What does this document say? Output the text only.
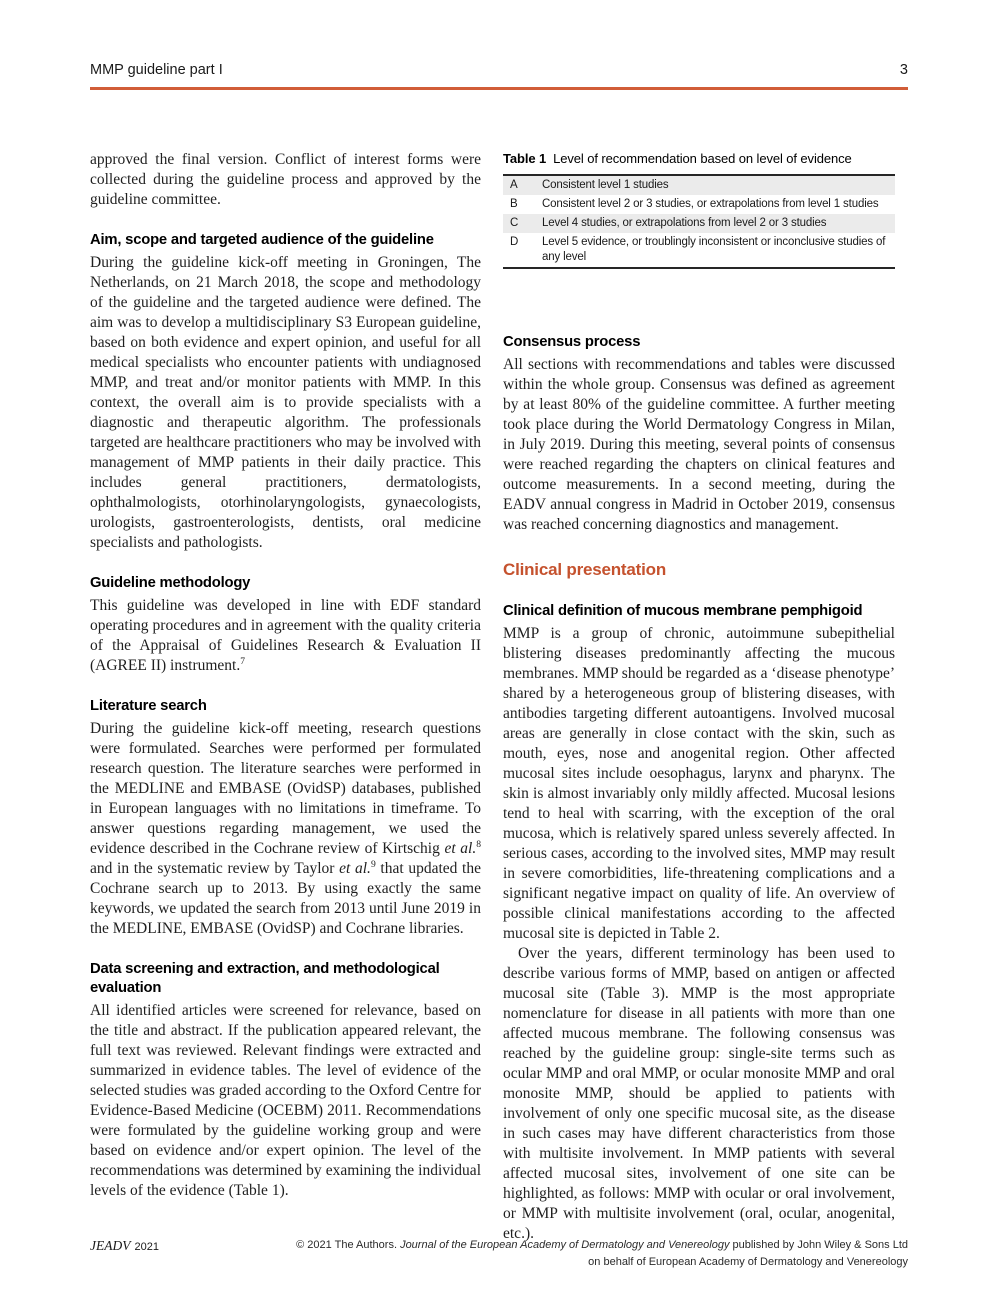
MMP guideline part I	3

approved the final version. Conflict of interest forms were collected during the guideline process and approved by the guideline committee.

Aim, scope and targeted audience of the guideline

During the guideline kick-off meeting in Groningen, The Netherlands, on 21 March 2018, the scope and methodology of the guideline and the targeted audience were defined. The aim was to develop a multidisciplinary S3 European guideline, based on both evidence and expert opinion, and useful for all medical specialists who encounter patients with undiagnosed MMP, and treat and/or monitor patients with MMP. In this context, the overall aim is to provide specialists with a diagnostic and therapeutic algorithm. The professionals targeted are healthcare practitioners who may be involved with management of MMP patients in their daily practice. This includes general practitioners, dermatologists, ophthalmologists, otorhinolaryngologists, gynaecologists, urologists, gastroenterologists, dentists, oral medicine specialists and pathologists.

Guideline methodology

This guideline was developed in line with EDF standard operating procedures and in agreement with the quality criteria of the Appraisal of Guidelines Research & Evaluation II (AGREE II) instrument.$^7$

Literature search

During the guideline kick-off meeting, research questions were formulated. Searches were performed per formulated research question. The literature searches were performed in the MEDLINE and EMBASE (OvidSP) databases, published in European languages with no limitations in timeframe. To answer questions regarding management, we used the evidence described in the Cochrane review of Kirtschig et al.$^8$ and in the systematic review by Taylor et al.$^9$ that updated the Cochrane search up to 2013. By using exactly the same keywords, we updated the search from 2013 until June 2019 in the MEDLINE, EMBASE (OvidSP) and Cochrane libraries.

Data screening and extraction, and methodological evaluation

All identified articles were screened for relevance, based on the title and abstract. If the publication appeared relevant, the full text was reviewed. Relevant findings were extracted and summarized in evidence tables. The level of evidence of the selected studies was graded according to the Oxford Centre for Evidence-Based Medicine (OCEBM) 2011. Recommendations were formulated by the guideline working group and were based on evidence and/or expert opinion. The level of the recommendations was determined by examining the individual levels of the evidence (Table 1).

Table 1 Level of recommendation based on level of evidence
A	Consistent level 1 studies
B	Consistent level 2 or 3 studies, or extrapolations from level 1 studies
C	Level 4 studies, or extrapolations from level 2 or 3 studies
D	Level 5 evidence, or troublingly inconsistent or inconclusive studies of any level
Consensus process

All sections with recommendations and tables were discussed within the whole group. Consensus was defined as agreement by at least 80% of the guideline committee. A further meeting took place during the World Dermatology Congress in Milan, in July 2019. During this meeting, several points of consensus were reached regarding the chapters on clinical features and outcome measurements. In a second meeting, during the EADV annual congress in Madrid in October 2019, consensus was reached concerning diagnostics and management.

Clinical presentation
Clinical definition of mucous membrane pemphigoid

MMP is a group of chronic, autoimmune subepithelial blistering diseases predominantly affecting the mucous membranes. MMP should be regarded as a ‘disease phenotype’ shared by a heterogeneous group of blistering diseases, with antibodies targeting different autoantigens. Involved mucosal areas are generally in close contact with the skin, such as mouth, eyes, nose and anogenital region. Other affected mucosal sites include oesophagus, larynx and pharynx. The skin is almost invariably only mildly affected. Mucosal lesions tend to heal with scarring, with the exception of the oral mucosa, which is relatively spared unless severely affected. In serious cases, according to the involved sites, MMP may result in severe comorbidities, life-threatening complications and a significant negative impact on quality of life. An overview of possible clinical manifestations according to the affected mucosal site is depicted in Table 2.

Over the years, different terminology has been used to describe various forms of MMP, based on antigen or affected mucosal site (Table 3). MMP is the most appropriate nomenclature for disease in all patients with more than one affected mucous membrane. The following consensus was reached by the guideline group: single-site terms such as ocular MMP and oral MMP, or ocular monosite MMP and oral monosite MMP, should be applied to patients with involvement of only one specific mucosal site, as the disease in such cases may have different characteristics from those with multisite involvement. In MMP patients with several affected mucosal sites, involvement of one site can be highlighted, as follows: MMP with ocular or oral involvement, or MMP with multisite involvement (oral, ocular, anogenital, etc.).

JEADV 2021	© 2021 The Authors. Journal of the European Academy of Dermatology and Venereology published by John Wiley & Sons Ltd
on behalf of European Academy of Dermatology and Venereology
